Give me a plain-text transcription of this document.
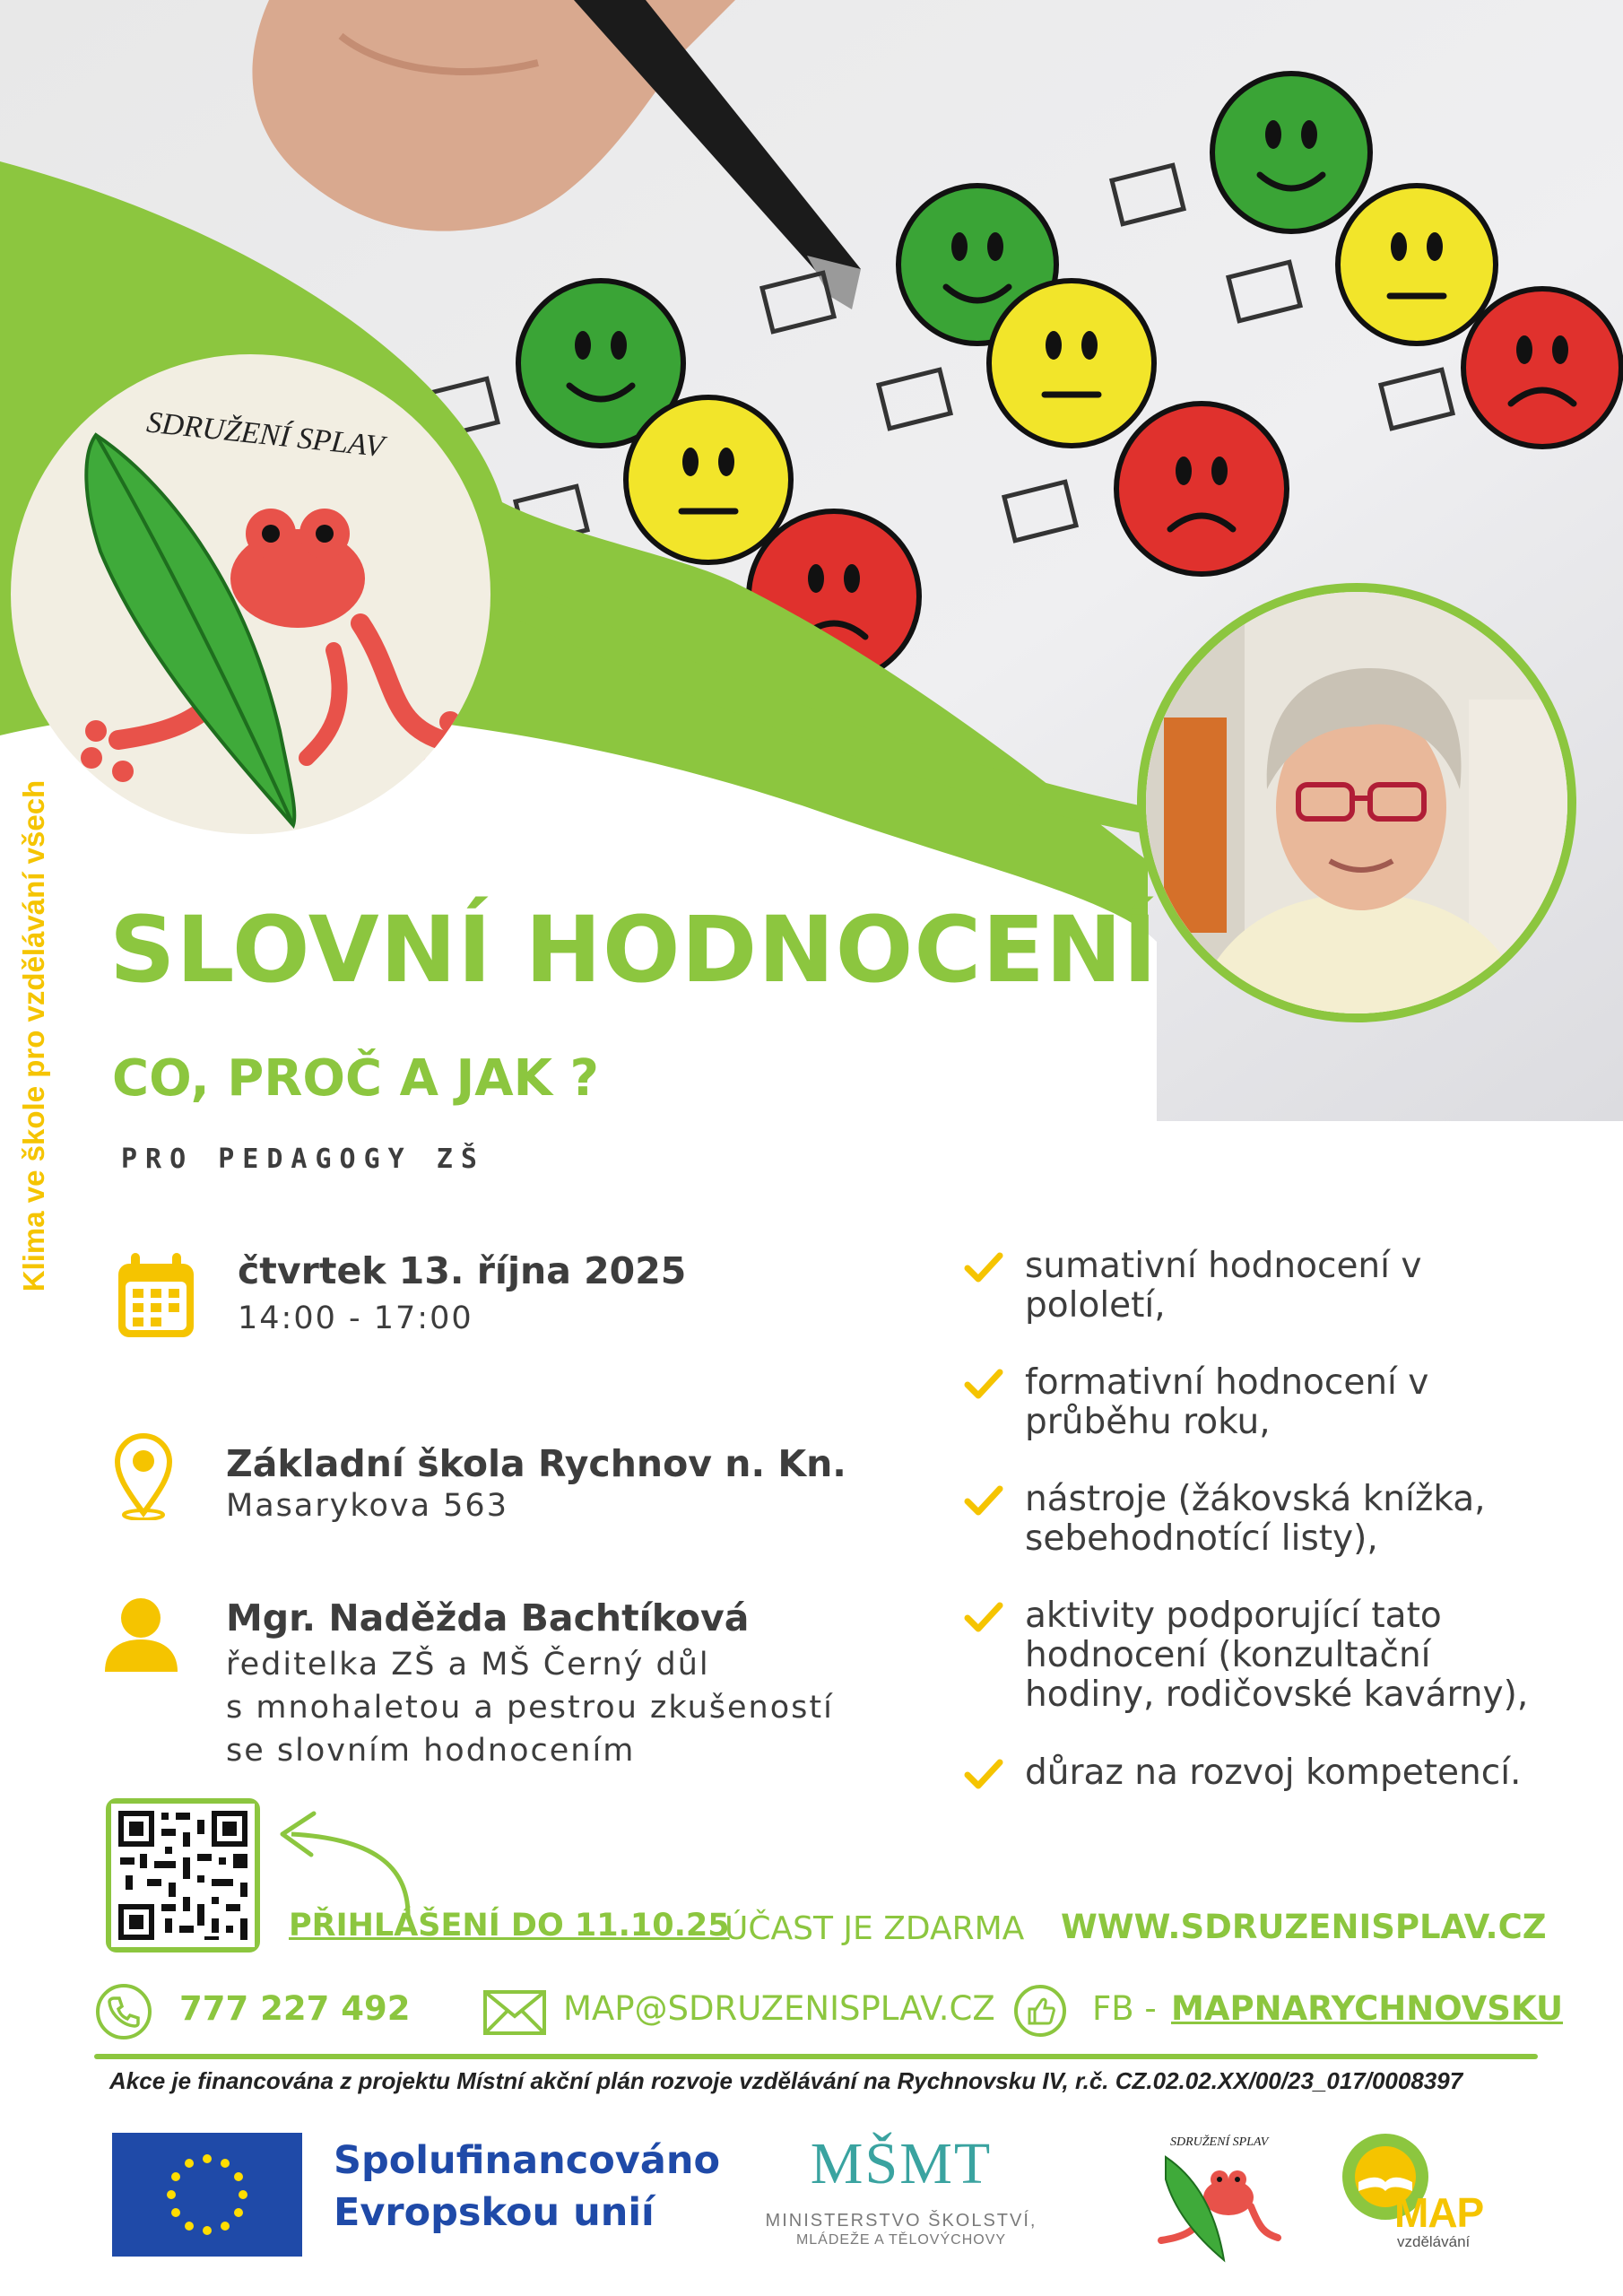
SDRUŽENÍ SPLAV
Klima ve škole pro vzdělávání všech SLOVNÍ HODNOCENÍ
CO, PROČ A JAK ?
PRO PEDAGOGY ZŠ
čtvrtek 13. října 2025
14:00 - 17:00
Základní škola Rychnov n. Kn.
Masarykova 563
Mgr. Naděžda Bachtíková
ředitelka ZŠ a MŠ Černý důl
s mnohaletou a pestrou zkušeností
se slovním hodnocením
sumativní hodnocení v
pololetí,
formativní hodnocení v
průběhu roku,
nástroje (žákovská knížka,
sebehodnotící listy),
aktivity podporující tato
hodnocení (konzultační
hodiny, rodičovské kavárny),
důraz na rozvoj kompetencí.
PŘIHLÁŠENÍ DO 11.10.25
ÚČAST JE ZDARMA WWW.SDRUZENISPLAV.CZ
777 227 492	MAP@SDRUZENISPLAV.CZ	FB - MAPNARYCHNOVSKU
Akce je financována z projektu Místní akční plán rozvoje vzdělávání na Rychnovsku IV, r.č. CZ.02.02.XX/00/23_017/0008397
Spolufinancováno
Evropskou unií
MŠMT
MINISTERSTVO ŠKOLSTVÍ,
MLÁDEŽE A TĚLOVÝCHOVY
SDRUŽENÍ SPLAV
MAP
vzdělávání
